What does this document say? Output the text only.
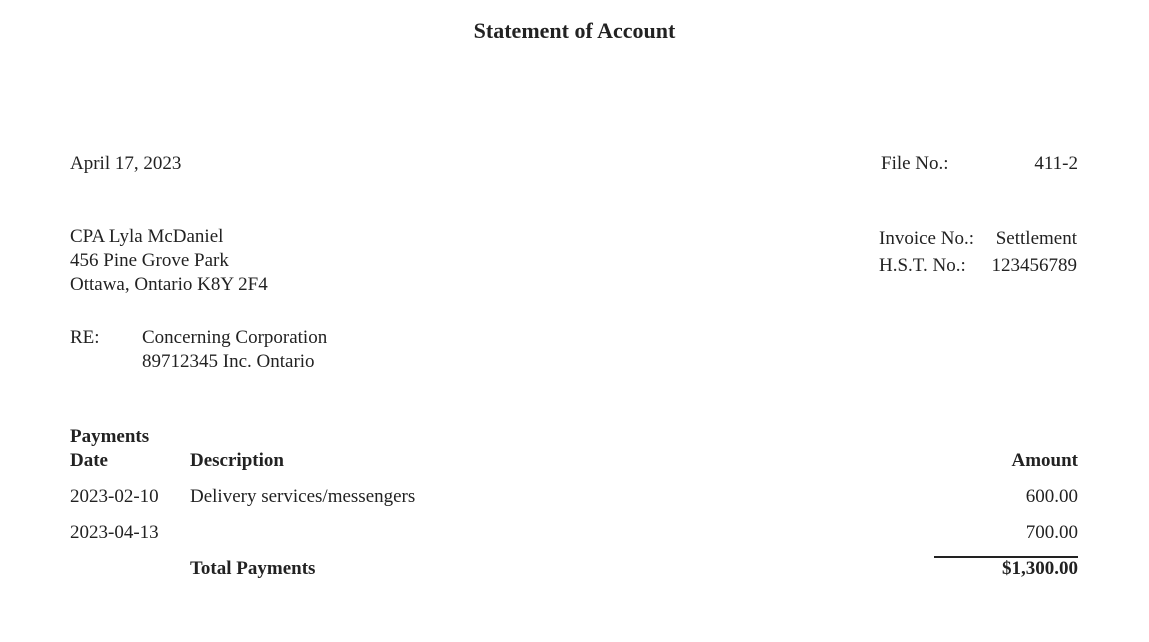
Statement of Account
April 17, 2023	File No.:	411-2
CPA Lyla McDaniel
456 Pine Grove Park
Ottawa, Ontario K8Y 2F4
Invoice No.:	Settlement
H.S.T. No.:	123456789
RE: Concerning Corporation
89712345 Inc. Ontario
Payments
Date	Description	Amount
2023-02-10 Delivery services/messengers	600.00
2023-04-13	700.00
Total Payments	$1,300.00
